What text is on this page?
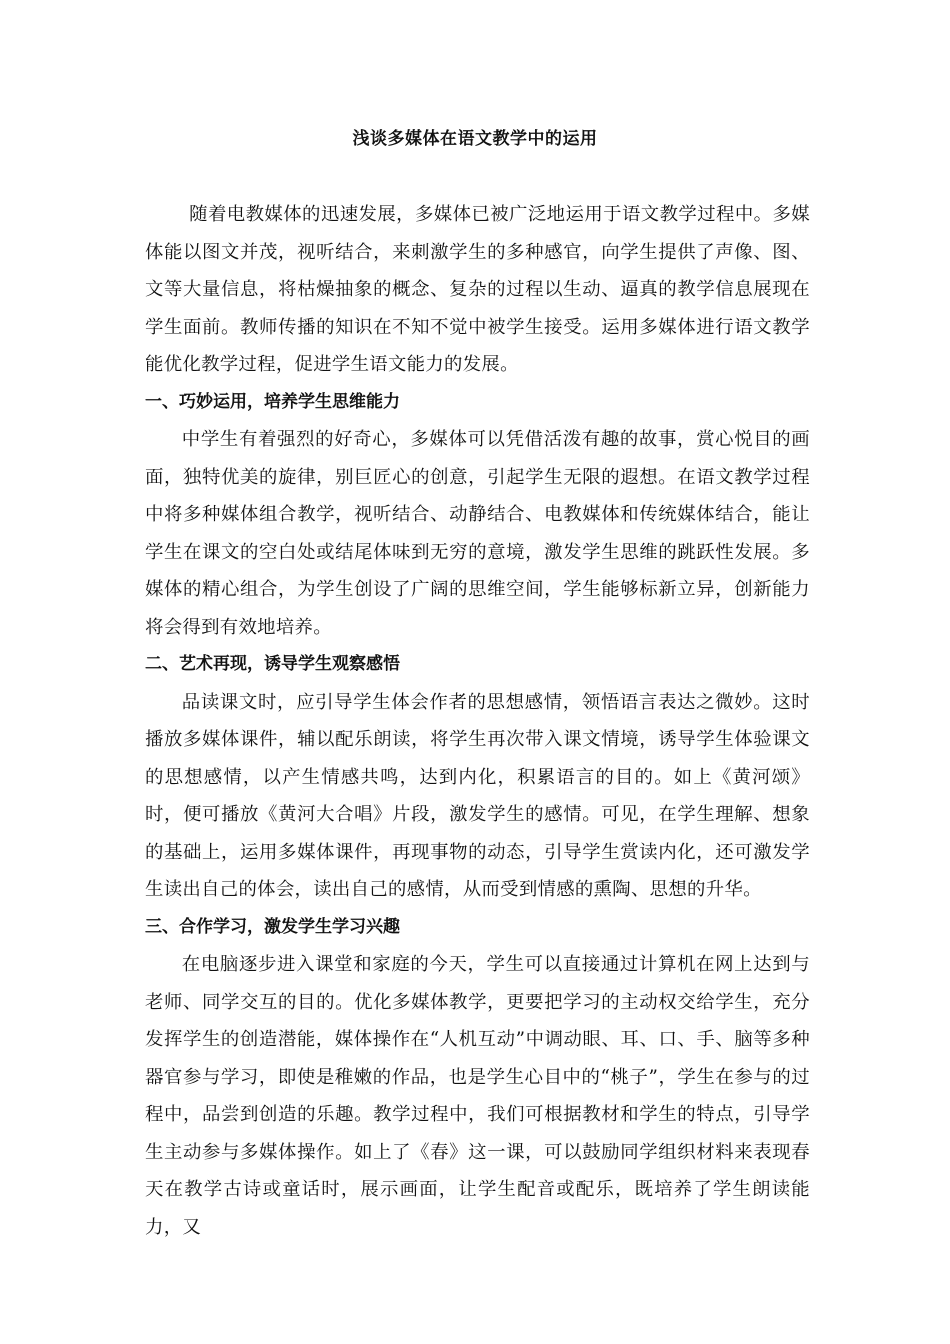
浅谈多媒体在语文教学中的运用

随着电教媒体的迅速发展，多媒体已被广泛地运用于语文教学过程中。多媒体能以图文并茂，视听结合，来刺激学生的多种感官，向学生提供了声像、图、文等大量信息，将枯燥抽象的概念、复杂的过程以生动、逼真的教学信息展现在学生面前。教师传播的知识在不知不觉中被学生接受。运用多媒体进行语文教学能优化教学过程，促进学生语文能力的发展。

一、巧妙运用，培养学生思维能力

中学生有着强烈的好奇心，多媒体可以凭借活泼有趣的故事，赏心悦目的画面，独特优美的旋律，别巨匠心的创意，引起学生无限的遐想。在语文教学过程中将多种媒体组合教学，视听结合、动静结合、电教媒体和传统媒体结合，能让学生在课文的空白处或结尾体味到无穷的意境，激发学生思维的跳跃性发展。多媒体的精心组合，为学生创设了广阔的思维空间，学生能够标新立异，创新能力将会得到有效地培养。

二、艺术再现，诱导学生观察感悟

品读课文时，应引导学生体会作者的思想感情，领悟语言表达之微妙。这时播放多媒体课件，辅以配乐朗读，将学生再次带入课文情境，诱导学生体验课文的思想感情，以产生情感共鸣，达到内化，积累语言的目的。如上《黄河颂》时，便可播放《黄河大合唱》片段，激发学生的感情。可见，在学生理解、想象的基础上，运用多媒体课件，再现事物的动态，引导学生赏读内化，还可激发学生读出自己的体会，读出自己的感情，从而受到情感的熏陶、思想的升华。

三、合作学习，激发学生学习兴趣

在电脑逐步进入课堂和家庭的今天，学生可以直接通过计算机在网上达到与老师、同学交互的目的。优化多媒体教学，更要把学习的主动权交给学生，充分发挥学生的创造潜能，媒体操作在“人机互动”中调动眼、耳、口、手、脑等多种器官参与学习，即使是稚嫩的作品，也是学生心目中的“桃子”，学生在参与的过程中，品尝到创造的乐趣。教学过程中，我们可根据教材和学生的特点，引导学生主动参与多媒体操作。如上了《春》这一课，可以鼓励同学组织材料来表现春天在教学古诗或童话时，展示画面，让学生配音或配乐，既培养了学生朗读能力，又
